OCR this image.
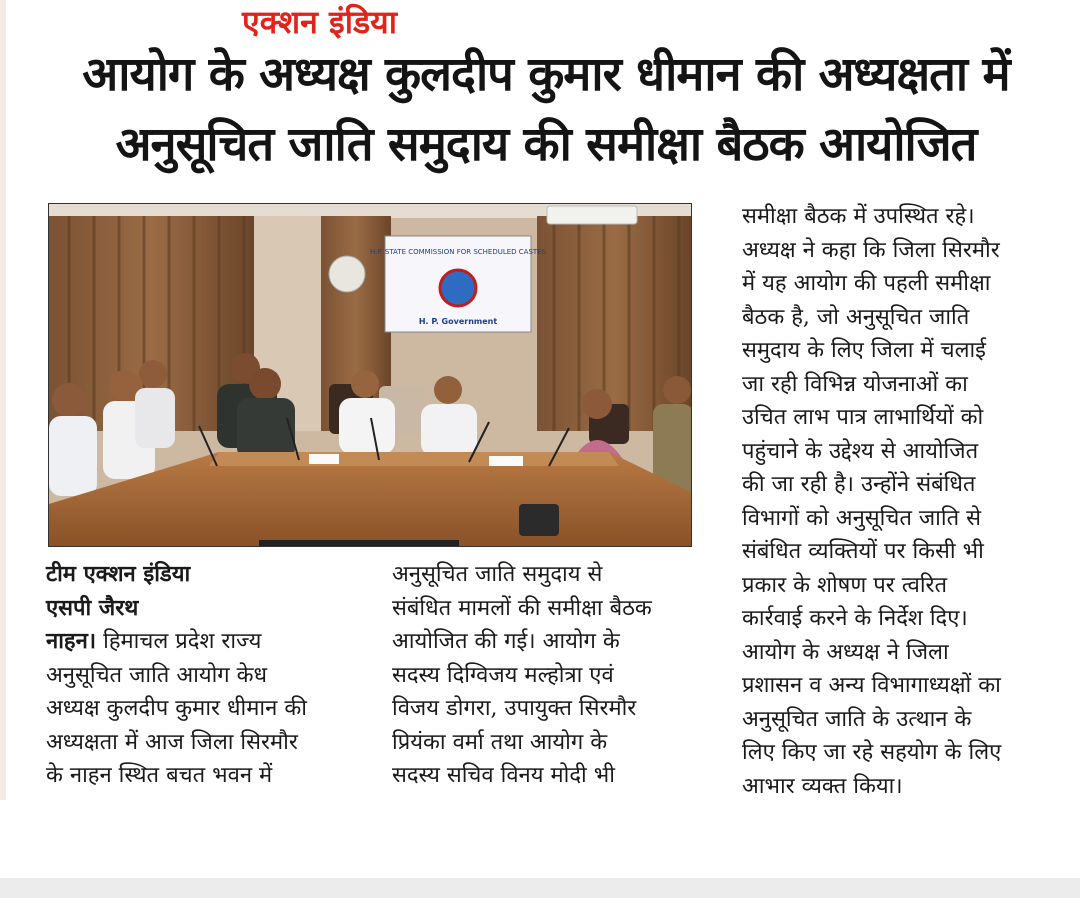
एक्शन इंडिया
आयोग के अध्यक्ष कुलदीप कुमार धीमान की अध्यक्षता में
अनुसूचित जाति समुदाय की समीक्षा बैठक आयोजित
H.P. STATE COMMISSION FOR SCHEDULED CASTES
H. P. Government
टीम एक्शन इंडिया
एसपी जैरथ

नाहन। हिमाचल प्रदेश राज्य

अनुसूचित जाति आयोग केध

अध्यक्ष कुलदीप कुमार धीमान की

अध्यक्षता में आज जिला सिरमौर

के नाहन स्थित बचत भवन में

अनुसूचित जाति समुदाय से

संबंधित मामलों की समीक्षा बैठक

आयोजित की गई। आयोग के

सदस्य दिग्विजय मल्होत्रा एवं

विजय डोगरा, उपायुक्त सिरमौर

प्रियंका वर्मा तथा आयोग के

सदस्य सचिव विनय मोदी भी

समीक्षा बैठक में उपस्थित रहे।

अध्यक्ष ने कहा कि जिला सिरमौर

में यह आयोग की पहली समीक्षा

बैठक है, जो अनुसूचित जाति

समुदाय के लिए जिला में चलाई

जा रही विभिन्न योजनाओं का

उचित लाभ पात्र लाभार्थियों को

पहुंचाने के उद्देश्य से आयोजित

की जा रही है। उन्होंने संबंधित

विभागों को अनुसूचित जाति से

संबंधित व्यक्तियों पर किसी भी

प्रकार के शोषण पर त्वरित

कार्रवाई करने के निर्देश दिए।

आयोग के अध्यक्ष ने जिला

प्रशासन व अन्य विभागाध्यक्षों का

अनुसूचित जाति के उत्थान के

लिए किए जा रहे सहयोग के लिए

आभार व्यक्त किया।
